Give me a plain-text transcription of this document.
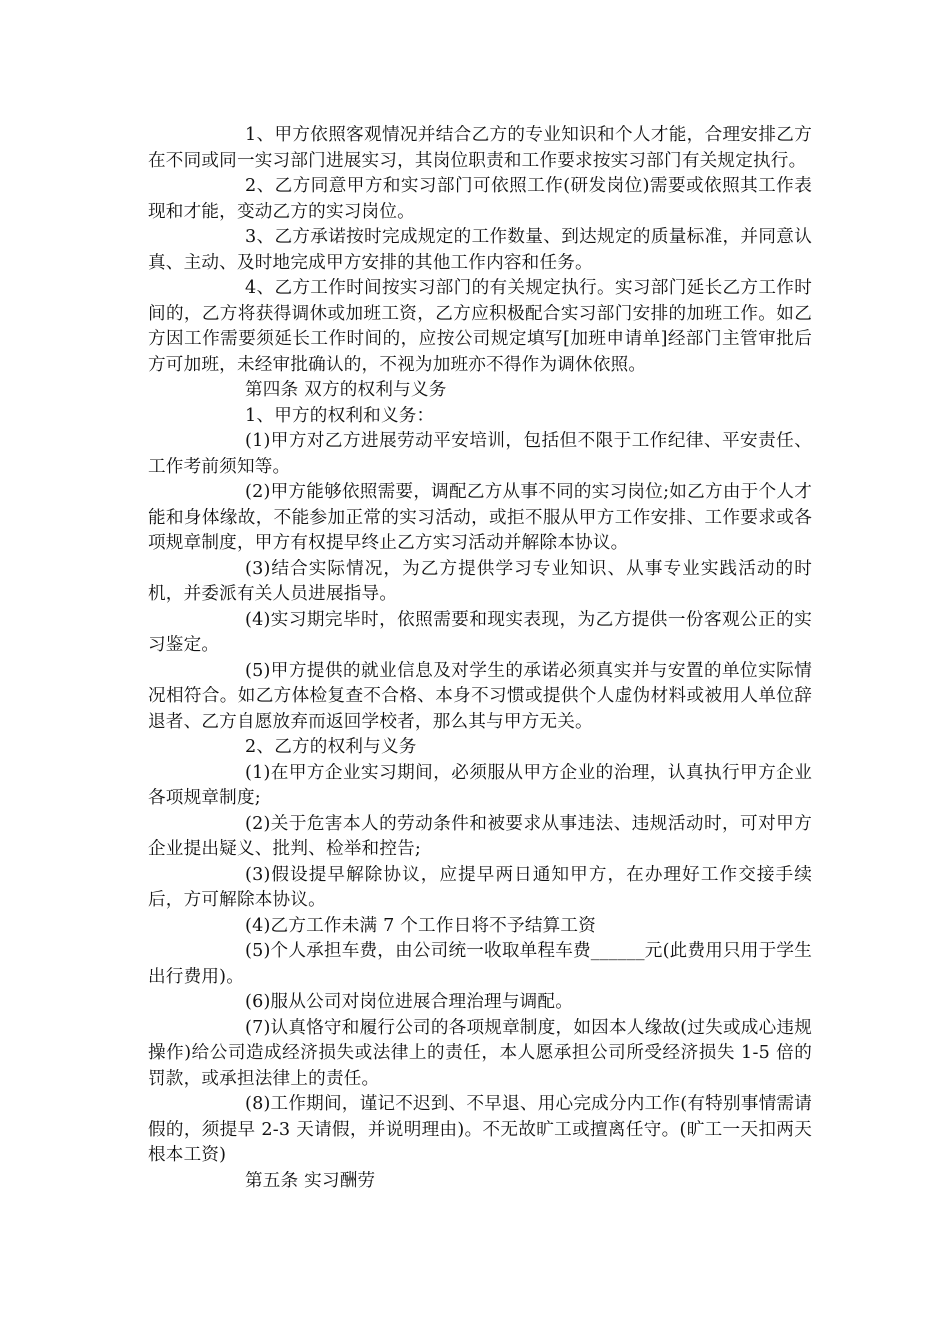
1、甲方依照客观情况并结合乙方的专业知识和个人才能，合理安排乙方在不同或同一实习部门进展实习，其岗位职责和工作要求按实习部门有关规定执行。

2、乙方同意甲方和实习部门可依照工作(研发岗位)需要或依照其工作表现和才能，变动乙方的实习岗位。

3、乙方承诺按时完成规定的工作数量、到达规定的质量标准，并同意认真、主动、及时地完成甲方安排的其他工作内容和任务。

4、乙方工作时间按实习部门的有关规定执行。实习部门延长乙方工作时间的，乙方将获得调休或加班工资，乙方应积极配合实习部门安排的加班工作。如乙方因工作需要须延长工作时间的，应按公司规定填写[加班申请单]经部门主管审批后方可加班，未经审批确认的，不视为加班亦不得作为调休依照。

第四条 双方的权利与义务

1、甲方的权利和义务：

(1)甲方对乙方进展劳动平安培训，包括但不限于工作纪律、平安责任、工作考前须知等。

(2)甲方能够依照需要，调配乙方从事不同的实习岗位;如乙方由于个人才能和身体缘故，不能参加正常的实习活动，或拒不服从甲方工作安排、工作要求或各项规章制度，甲方有权提早终止乙方实习活动并解除本协议。

(3)结合实际情况，为乙方提供学习专业知识、从事专业实践活动的时机，并委派有关人员进展指导。

(4)实习期完毕时，依照需要和现实表现，为乙方提供一份客观公正的实习鉴定。

(5)甲方提供的就业信息及对学生的承诺必须真实并与安置的单位实际情况相符合。如乙方体检复查不合格、本身不习惯或提供个人虚伪材料或被用人单位辞退者、乙方自愿放弃而返回学校者，那么其与甲方无关。

2、乙方的权利与义务

(1)在甲方企业实习期间，必须服从甲方企业的治理，认真执行甲方企业各项规章制度;

(2)关于危害本人的劳动条件和被要求从事违法、违规活动时，可对甲方企业提出疑义、批判、检举和控告;

(3)假设提早解除协议，应提早两日通知甲方，在办理好工作交接手续后，方可解除本协议。

(4)乙方工作未满 7 个工作日将不予结算工资

(5)个人承担车费，由公司统一收取单程车费______元(此费用只用于学生出行费用)。

(6)服从公司对岗位进展合理治理与调配。

(7)认真恪守和履行公司的各项规章制度，如因本人缘故(过失或成心违规操作)给公司造成经济损失或法律上的责任，本人愿承担公司所受经济损失 1-5 倍的罚款，或承担法律上的责任。

(8)工作期间，谨记不迟到、不早退、用心完成分内工作(有特别事情需请假的，须提早 2-3 天请假，并说明理由)。不无故旷工或擅离任守。(旷工一天扣两天根本工资)

第五条 实习酬劳
